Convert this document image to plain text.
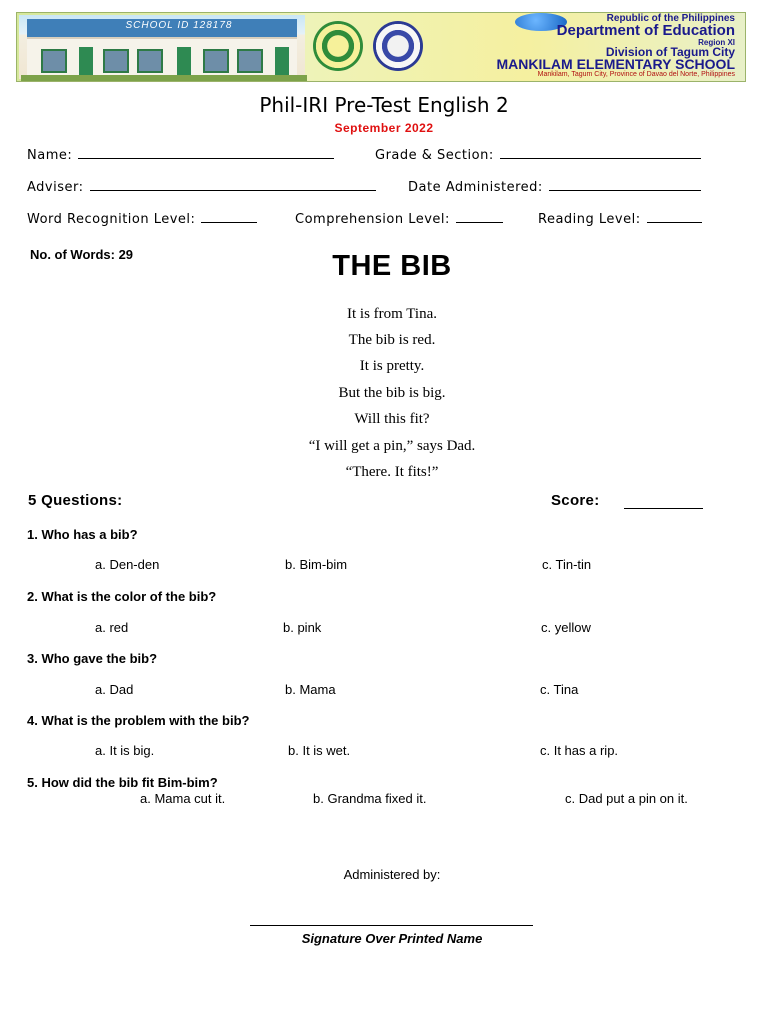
SCHOOL ID 128178
Republic of the Philippines
Department of Education
Region XI
Division of Tagum City
MANKILAM ELEMENTARY SCHOOL
Mankilam, Tagum City, Province of Davao del Norte, Philippines
Phil-IRI Pre-Test English 2
September 2022
Name:	Grade & Section:
Adviser:	Date Administered:
Word Recognition Level:	Comprehension Level:	Reading Level:
No. of Words: 29	THE BIB
It is from Tina.
The bib is red.
It is pretty.
But the bib is big.
Will this fit?
“I will get a pin,” says Dad.
“There. It fits!”
5 Questions:	Score:
1. Who has a bib?
a. Den-den	b. Bim-bim	c. Tin-tin
2. What is the color of the bib?
a. red	b. pink	c. yellow
3. Who gave the bib?
a. Dad	b. Mama	c. Tina
4. What is the problem with the bib?
a. It is big.	b. It is wet.	c. It has a rip.
5. How did the bib fit Bim-bim?
a. Mama cut it.	b. Grandma fixed it.	c. Dad put a pin on it.
Administered by:
Signature Over Printed Name
